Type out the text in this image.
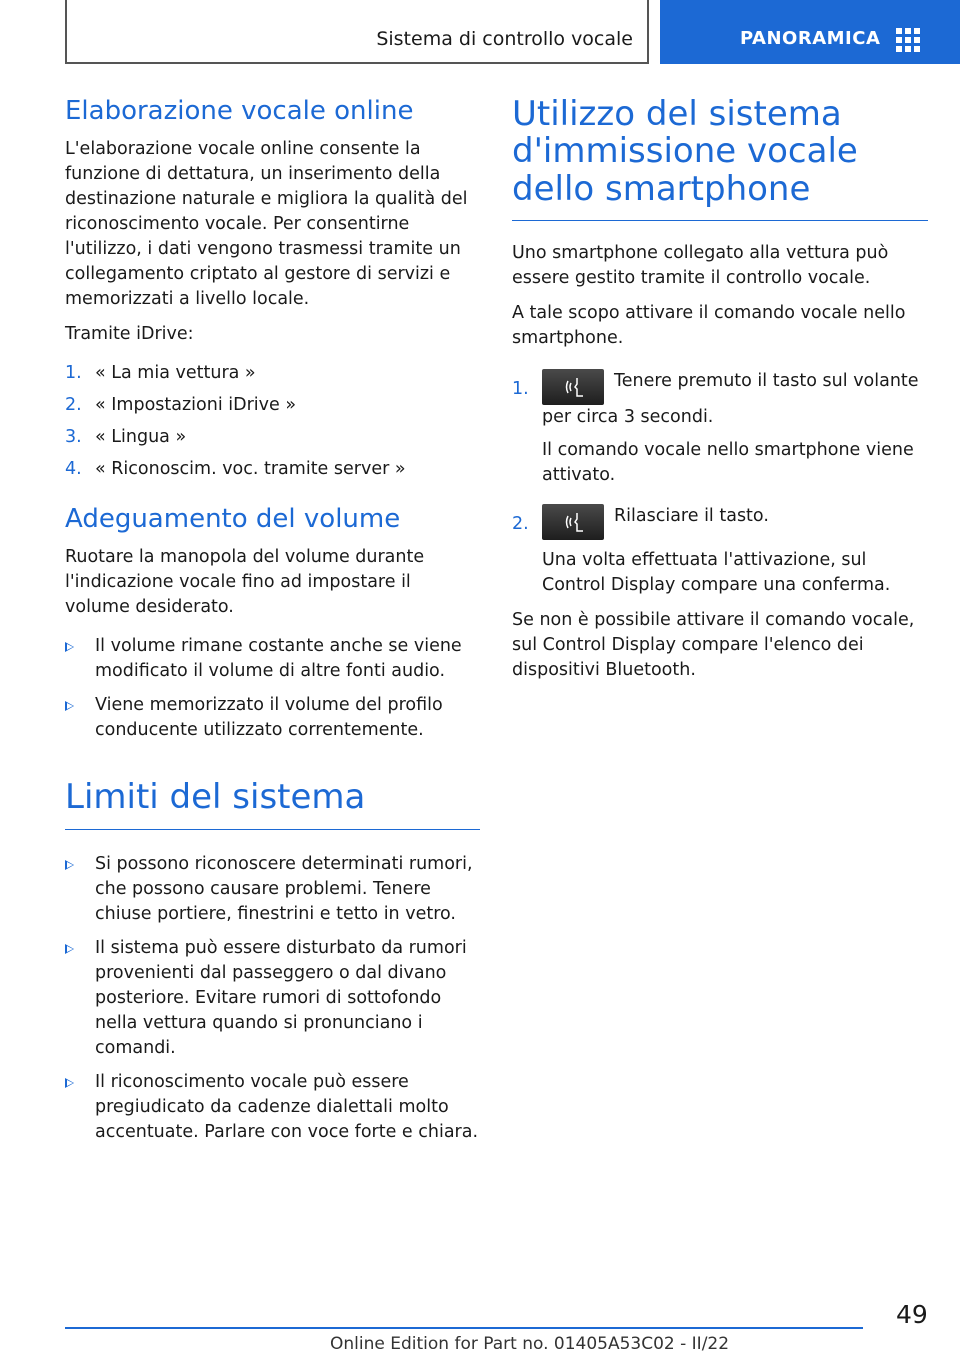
Sistema di controllo vocale	PANORAMICA
Elaborazione vocale online

L'elaborazione vocale online consente la funzione di dettatura, un inserimento della destinazione naturale e migliora la qualità del riconoscimento vocale. Per consentirne l'utilizzo, i dati vengono trasmessi tramite un collegamento criptato al gestore di servizi e memorizzati a livello locale.

Tramite iDrive:

1. « La mia vettura »
2. « Impostazioni iDrive »
3. « Lingua »
4. « Riconoscim. voc. tramite server »
Adeguamento del volume

Ruotare la manopola del volume durante l'indicazione vocale fino ad impostare il volume desiderato.

Il volume rimane costante anche se viene modificato il volume di altre fonti audio.
Viene memorizzato il volume del profilo conducente utilizzato correntemente.
Limiti del sistema
Si possono riconoscere determinati rumori, che possono causare problemi. Tenere chiuse portiere, finestrini e tetto in vetro.
Il sistema può essere disturbato da rumori provenienti dal passeggero o dal divano posteriore. Evitare rumori di sottofondo nella vettura quando si pronunciano i comandi.
Il riconoscimento vocale può essere pregiudicato da cadenze dialettali molto accentuate. Parlare con voce forte e chiara.
Utilizzo del sistema d'immissione vocale dello smartphone

Uno smartphone collegato alla vettura può essere gestito tramite il controllo vocale.

A tale scopo attivare il comando vocale nello smartphone.

1.	Tenere premuto il tasto sul volante per circa 3 secondi.
Il comando vocale nello smartphone viene attivato.
2.	Rilasciare il tasto.
Una volta effettuata l'attivazione, sul Control Display compare una conferma.

Se non è possibile attivare il comando vocale, sul Control Display compare l'elenco dei dispositivi Bluetooth.

49
Online Edition for Part no. 01405A53C02 - II/22
